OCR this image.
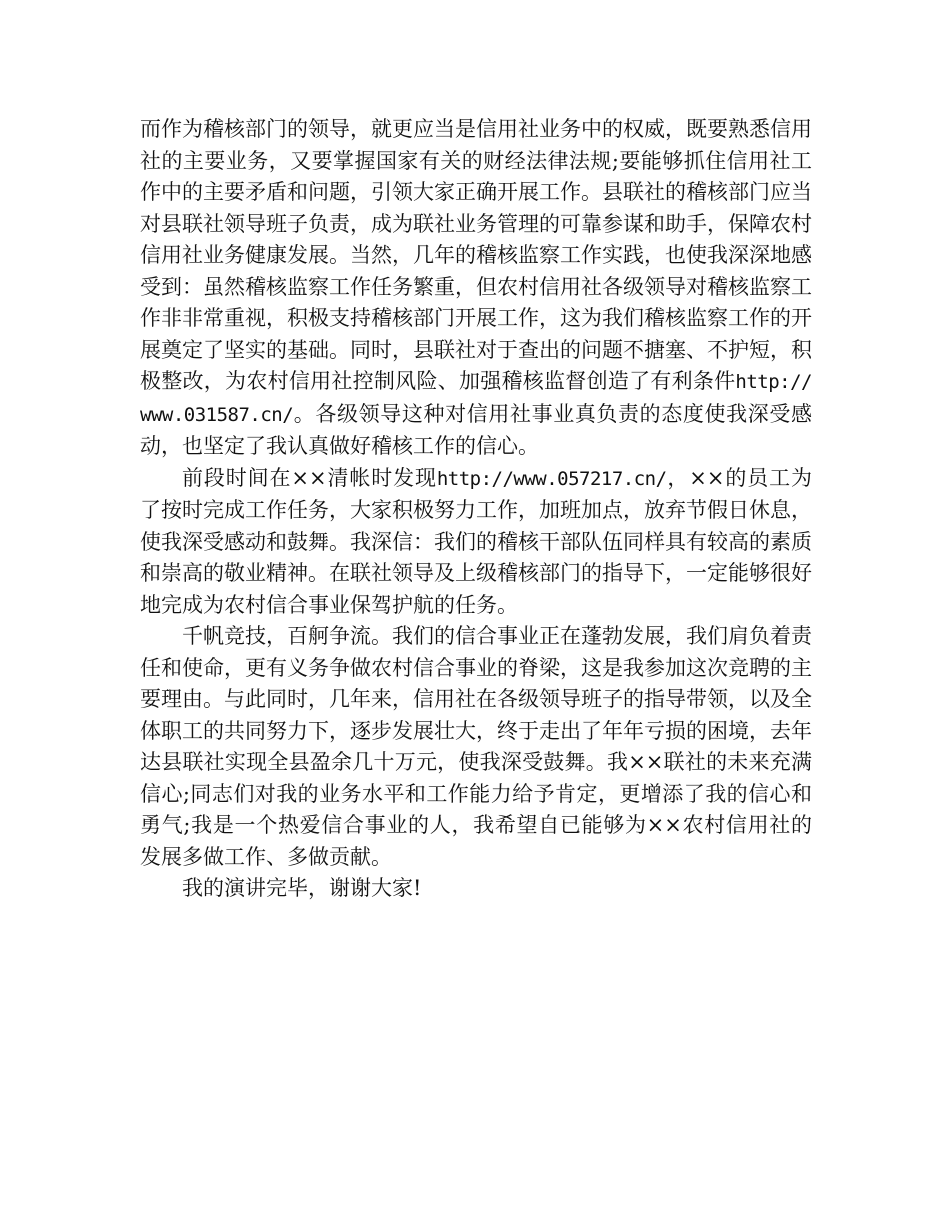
而作为稽核部门的领导，就更应当是信用社业务中的权威，既要熟悉信用社的主要业务，又要掌握国家有关的财经法律法规;要能够抓住信用社工作中的主要矛盾和问题，引领大家正确开展工作。县联社的稽核部门应当对县联社领导班子负责，成为联社业务管理的可靠参谋和助手，保障农村信用社业务健康发展。当然，几年的稽核监察工作实践，也使我深深地感受到：虽然稽核监察工作任务繁重，但农村信用社各级领导对稽核监察工作非非常重视，积极支持稽核部门开展工作，这为我们稽核监察工作的开展奠定了坚实的基础。同时，县联社对于查出的问题不搪塞、不护短，积极整改，为农村信用社控制风险、加强稽核监督创造了有利条件http://www.031587.cn/。各级领导这种对信用社事业真负责的态度使我深受感动，也坚定了我认真做好稽核工作的信心。

前段时间在××清帐时发现http://www.057217.cn/，××的员工为了按时完成工作任务，大家积极努力工作，加班加点，放弃节假日休息，使我深受感动和鼓舞。我深信：我们的稽核干部队伍同样具有较高的素质和崇高的敬业精神。在联社领导及上级稽核部门的指导下，一定能够很好地完成为农村信合事业保驾护航的任务。

千帆竞技，百舸争流。我们的信合事业正在蓬勃发展，我们肩负着责任和使命，更有义务争做农村信合事业的脊梁，这是我参加这次竞聘的主要理由。与此同时，几年来，信用社在各级领导班子的指导带领，以及全体职工的共同努力下，逐步发展壮大，终于走出了年年亏损的困境，去年达县联社实现全县盈余几十万元，使我深受鼓舞。我××联社的未来充满信心;同志们对我的业务水平和工作能力给予肯定，更增添了我的信心和勇气;我是一个热爱信合事业的人，我希望自已能够为××农村信用社的发展多做工作、多做贡献。

我的演讲完毕，谢谢大家!
